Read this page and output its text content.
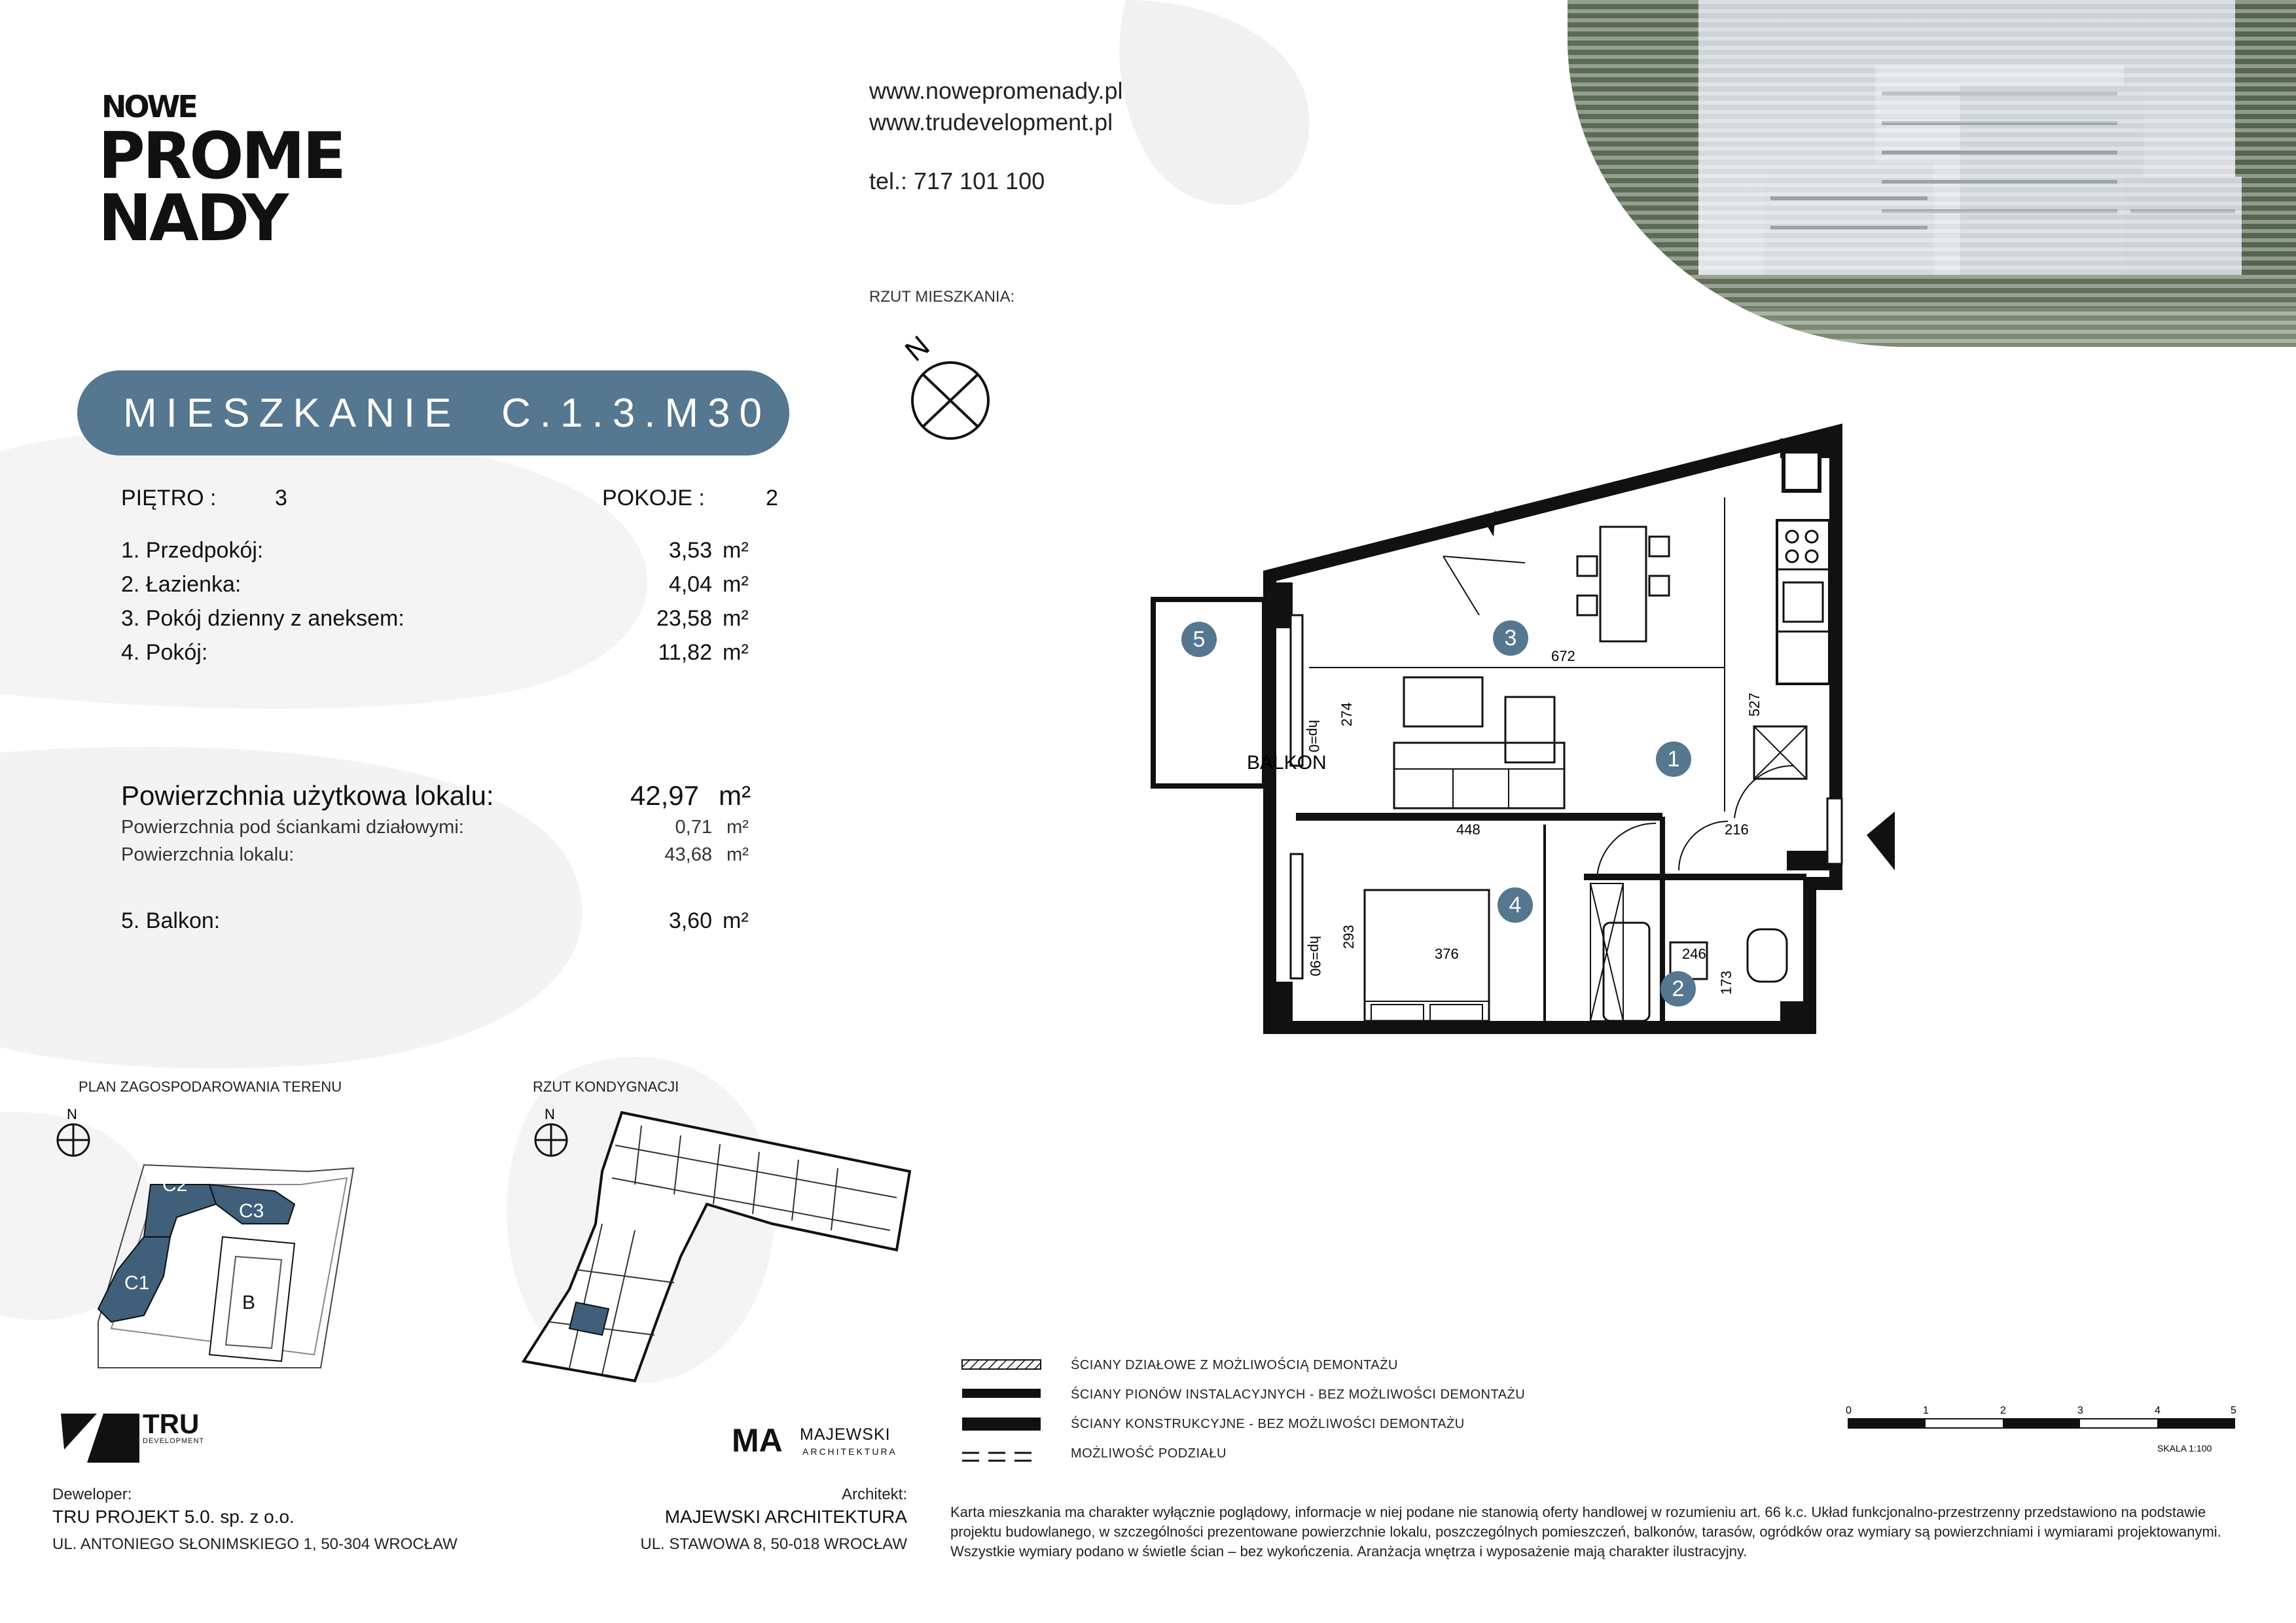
NOWE
PROME
NADY
www.nowepromenady.pl
www.trudevelopment.pl
tel.: 717 101 100
RZUT MIESZKANIA:
N
MIESZKANIE C.1.3.M30
PIĘTRO :	3	POKOJE :	2
1. Przedpokój:	3,53 m²
2. Łazienka:	4,04 m²
3. Pokój dzienny z aneksem:	23,58 m²
4. Pokój:	11,82 m²
Powierzchnia użytkowa lokalu:	42,97 m²
Powierzchnia pod ściankami działowymi:	0,71 m²
Powierzchnia lokalu:	43,68 m²
5. Balkon:	3,60 m²
BALKON
672
527
274
hp=0
448	216
293
hp=90	376	246
173
1
2
3
4
5
PLAN ZAGOSPODAROWANIA TERENU	RZUT KONDYGNACJI
N
C2
C3
C1
B
N
ŚCIANY DZIAŁOWE Z MOŻLIWOŚCIĄ DEMONTAŻU
ŚCIANY PIONÓW INSTALACYJNYCH - BEZ MOŻLIWOŚCI DEMONTAŻU
ŚCIANY KONSTRUKCYJNE - BEZ MOŻLIWOŚCI DEMONTAŻU
MOŻLIWOŚĆ PODZIAŁU
0	1	2	3	4	5
SKALA 1:100
Karta mieszkania ma charakter wyłącznie poglądowy, informacje w niej podane nie stanowią oferty handlowej w rozumieniu art. 66 k.c. Układ funkcjonalno-przestrzenny przedstawiono na podstawie projektu budowlanego, w szczególności prezentowane powierzchnie lokalu, poszczególnych pomieszczeń, balkonów, tarasów, ogródków oraz wymiary są powierzchniami i wymiarami projektowanymi. Wszystkie wymiary podano w świetle ścian – bez wykończenia. Aranżacja wnętrza i wyposażenie mają charakter ilustracyjny.
TRU
DEVELOPMENT
Deweloper:
TRU PROJEKT 5.0. sp. z o.o.
UL. ANTONIEGO SŁONIMSKIEGO 1, 50-304 WROCŁAW
MA MAJEWSKI
ARCHITEKTURA
Architekt:
MAJEWSKI ARCHITEKTURA
UL. STAWOWA 8, 50-018 WROCŁAW
